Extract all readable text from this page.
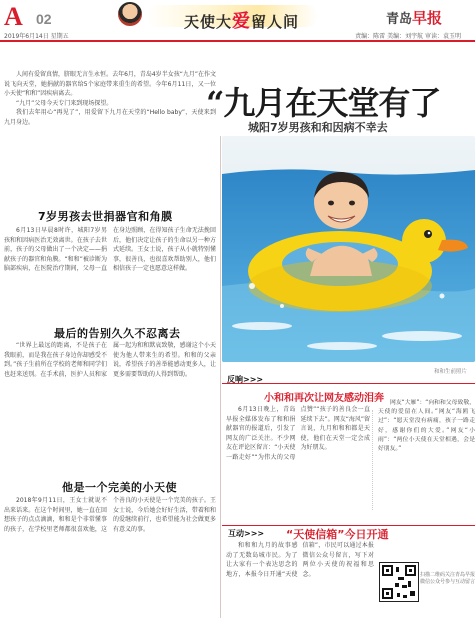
A 02	天使大爱留人间	青岛早报
2019年6月14日 星期五	责编：陈雷 美编：刘宇航 审读：袁玉明

人间有爱留真情，脐眼无言生永恒。去年6月，青岛4岁半女孩“九月”在作文说飞向天堂，她捐献的器官给5个家庭带来重生的希望。今年6月11日，又一位小天使“和和”因疾病离去。

“九月”父母今天专门来到现场探望。

我们去年用心“再见了”，用爱留下九月在天堂的“Hello baby”，天使来到九月身边。	“九月在天堂有了
城阳7岁男孩和和因病不幸去
7岁男孩去世捐器官和角膜
6月13日早晨8时许，城阳7岁男孩和和因病医治无效离世。在孩子去世前，孩子的父母做出了一个决定——捐献孩子的器官和角膜。“和和”被诊断为脑部疾病，在医院治疗期间，父母一直在身边照顾，在得知孩子生命无法挽回后，他们决定让孩子的生命以另一种方式延续。王女士说，孩子从小就特别懂事，很善良，也很喜欢帮助别人，他们相信孩子一定也愿意这样做。
最后的告别久久不忍离去
“世界上最远的距离，不是孩子在我眼前，而是我在孩子身边你却感受不到。”孩子生前所在学校的老师和同学们也赶来送别。在手术前，医护人员和家属一起为和和默哀致敬，感谢这个小天使为他人带来生的希望。和和的父亲说，希望孩子的善举能感动更多人，让更多需要帮助的人得到帮助。
他是一个完美的小天使
2018年9月11日，王女士就说不出来话来。在这个时间里，她一直在回想孩子的点点滴滴，和和是个非常懂事的孩子，在学校里老师都很喜欢他，这个善良的小天使是一个完美的孩子。王女士说，今后她会好好生活，带着和和的爱继续前行，也希望能为社会做更多有意义的事。
和和生前照片
反响>>>
小和和再次让网友感动泪奔
6月13日晚上，青岛早报全媒体发布了和和捐献器官的报道后，引发了网友的广泛关注。不少网友在评论区留言：“小天使一路走好”“为伟大的父母点赞”“孩子的善良会一直延续下去”。网友“海风”留言说，九月和和和都是天使，他们在天堂一定会成为好朋友。
网友“大雁”：“向和和父母致敬，天使的爱留在人间。”网友“海鸥飞过”：“愿天堂没有病痛，孩子一路走好，感谢你们的大爱。”网友“小雨”：“两位小天使在天堂相遇，会是好朋友。”
互动>>> “天使信箱”今日开通
和和和九月的故事感动了无数岛城市民。为了让大家有一个表达思念的地方，本报今日开通“天使信箱”，市民可以通过本报微信公众号留言，写下对两位小天使的祝福和思念。	扫描二维码关注青岛早报微信公众号参与互动留言
